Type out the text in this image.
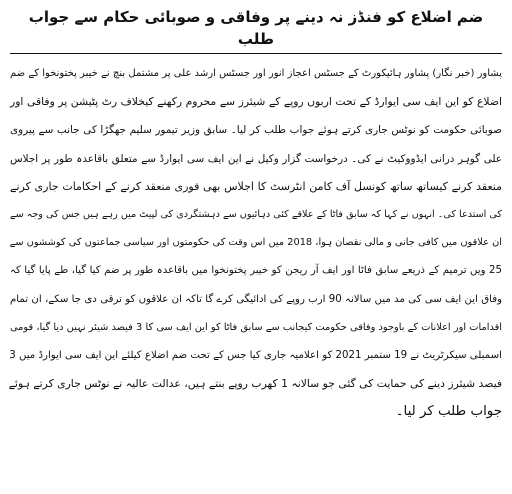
ضم اضلاع کو فنڈز نہ دینے پر وفاقی و صوبائی حکام سے جواب طلب
پشاور (خبر نگار) پشاور ہائیکورٹ کے جسٹس اعجاز انور اور جسٹس ارشد علی پر مشتمل بنچ نے خیبر پختونخوا کے ضم
اضلاع کو این ایف سی ایوارڈ کے تحت اربوں روپے کے شیئرز سے محروم رکھنے کیخلاف رٹ پٹیشن پر وفاقی اور
صوبائی حکومت کو نوٹس جاری کرتے ہوئے جواب طلب کر لیا۔ سابق وزیر تیمور سلیم جھگڑا کی جانب سے پیروی
علی گوہر درانی ایڈووکیٹ نے کی۔ درخواست گزار وکیل نے این ایف سی ایوارڈ سے متعلق باقاعدہ طور پر اجلاس
منعقد کرنے کیساتھ ساتھ کونسل آف کامن انٹرسٹ کا اجلاس بھی فوری منعقد کرنے کے احکامات جاری کرنے
کی استدعا کی۔ انہوں نے کہا کہ سابق فاٹا کے علاقے کئی دہائیوں سے دہشتگردی کی لپیٹ میں رہے ہیں جس کی وجہ سے
ان علاقوں میں کافی جانی و مالی نقصان ہوا، 2018 میں اس وقت کی حکومتوں اور سیاسی جماعتوں کی کوششوں سے
25 ویں ترمیم کے ذریعے سابق فاٹا اور ایف آر ریجن کو خیبر پختونخوا میں باقاعدہ طور پر ضم کیا گیا، طے پایا گیا کہ
وفاق این ایف سی کی مد میں سالانہ 90 ارب روپے کی ادائیگی کرے گا تاکہ ان علاقوں کو ترقی دی جا سکے، ان تمام
اقدامات اور اعلانات کے باوجود وفاقی حکومت کیجانب سے سابق فاٹا کو این ایف سی کا 3 فیصد شیئر نہیں دیا گیا، قومی
اسمبلی سیکرٹریٹ نے 19 ستمبر 2021 کو اعلامیہ جاری کیا جس کے تحت ضم اضلاع کیلئے این ایف سی ایوارڈ میں 3
فیصد شیئرز دینے کی حمایت کی گئی جو سالانہ 1 کھرب روپے بنتے ہیں، عدالت عالیہ نے نوٹس جاری کرتے ہوئے
جواب طلب کر لیا۔
